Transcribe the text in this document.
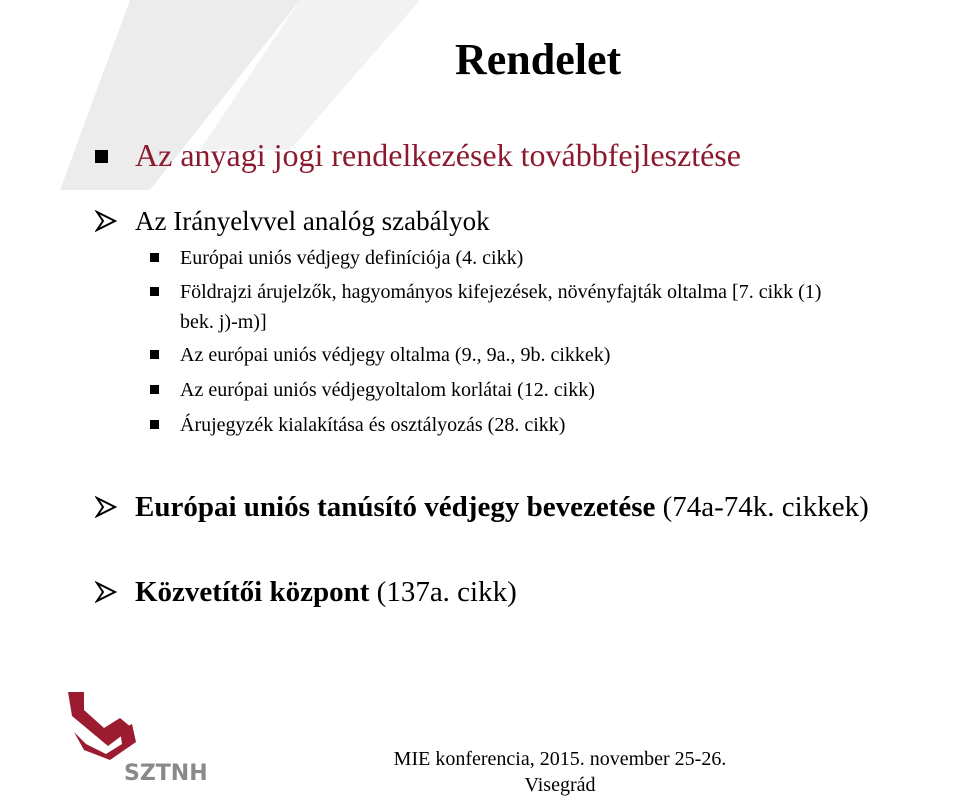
Rendelet
Az anyagi jogi rendelkezések továbbfejlesztése
Az Irányelvvel analóg szabályok
Európai uniós védjegy definíciója (4. cikk)
Földrajzi árujelzők, hagyományos kifejezések, növényfajták oltalma [7. cikk (1)
bek. j)-m)]
Az európai uniós védjegy oltalma (9., 9a., 9b. cikkek)
Az európai uniós védjegyoltalom korlátai (12. cikk)
Árujegyzék kialakítása és osztályozás (28. cikk)
Európai uniós tanúsító védjegy bevezetése (74a-74k. cikkek)
Közvetítői központ (137a. cikk)
SZTNH
MIE konferencia, 2015. november 25-26.
Visegrád
